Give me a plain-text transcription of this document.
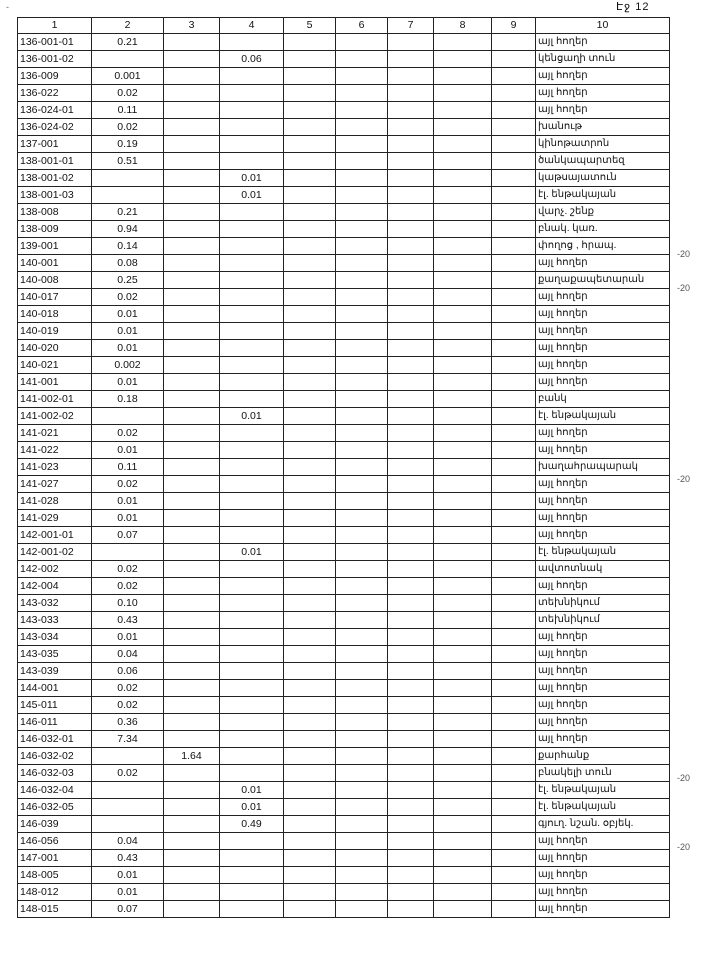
-	Էջ 12
1	2	3	4	5	6	7	8	9	10
136-001-01	0.21								այլ հողեր
136-001-02			0.06						կենցաղի տուն
136-009	0.001								այլ հողեր
136-022	0.02								այլ հողեր
136-024-01	0.11								այլ հողեր
136-024-02	0.02								խանութ
137-001	0.19								կինոթատրոն
138-001-01	0.51								ծանկապարտեզ
138-001-02			0.01						կաթսայատուն
138-001-03			0.01						էլ. ենթակայան
138-008	0.21								վարչ. շենք
138-009	0.94								բնակ. կառ.
139-001	0.14								փողոց , հրապ.
140-001	0.08								այլ հողեր
140-008	0.25								քաղաքապետարան
140-017	0.02								այլ հողեր
140-018	0.01								այլ հողեր
140-019	0.01								այլ հողեր
140-020	0.01								այլ հողեր
140-021	0.002								այլ հողեր
141-001	0.01								այլ հողեր
141-002-01	0.18								բանկ
141-002-02			0.01						էլ. ենթակայան
141-021	0.02								այլ հողեր
141-022	0.01								այլ հողեր
141-023	0.11								խաղահրապարակ
141-027	0.02								այլ հողեր
141-028	0.01								այլ հողեր
141-029	0.01								այլ հողեր
142-001-01	0.07								այլ հողեր
142-001-02			0.01						էլ. ենթակայան
142-002	0.02								ավտոտնակ
142-004	0.02								այլ հողեր
143-032	0.10								տեխնիկում
143-033	0.43								տեխնիկում
143-034	0.01								այլ հողեր
143-035	0.04								այլ հողեր
143-039	0.06								այլ հողեր
144-001	0.02								այլ հողեր
145-011	0.02								այլ հողեր
146-011	0.36								այլ հողեր
146-032-01	7.34								այլ հողեր
146-032-02		1.64							քարհանք
146-032-03	0.02								բնակելի տուն
146-032-04			0.01						էլ. ենթակայան
146-032-05			0.01						էլ. ենթակայան
146-039			0.49						գյուղ. նշան. օբյեկ.
146-056	0.04								այլ հողեր
147-001	0.43								այլ հողեր
148-005	0.01								այլ հողեր
148-012	0.01								այլ հողեր
148-015	0.07								այլ հողեր
-20
-20
-20
-20
-20
